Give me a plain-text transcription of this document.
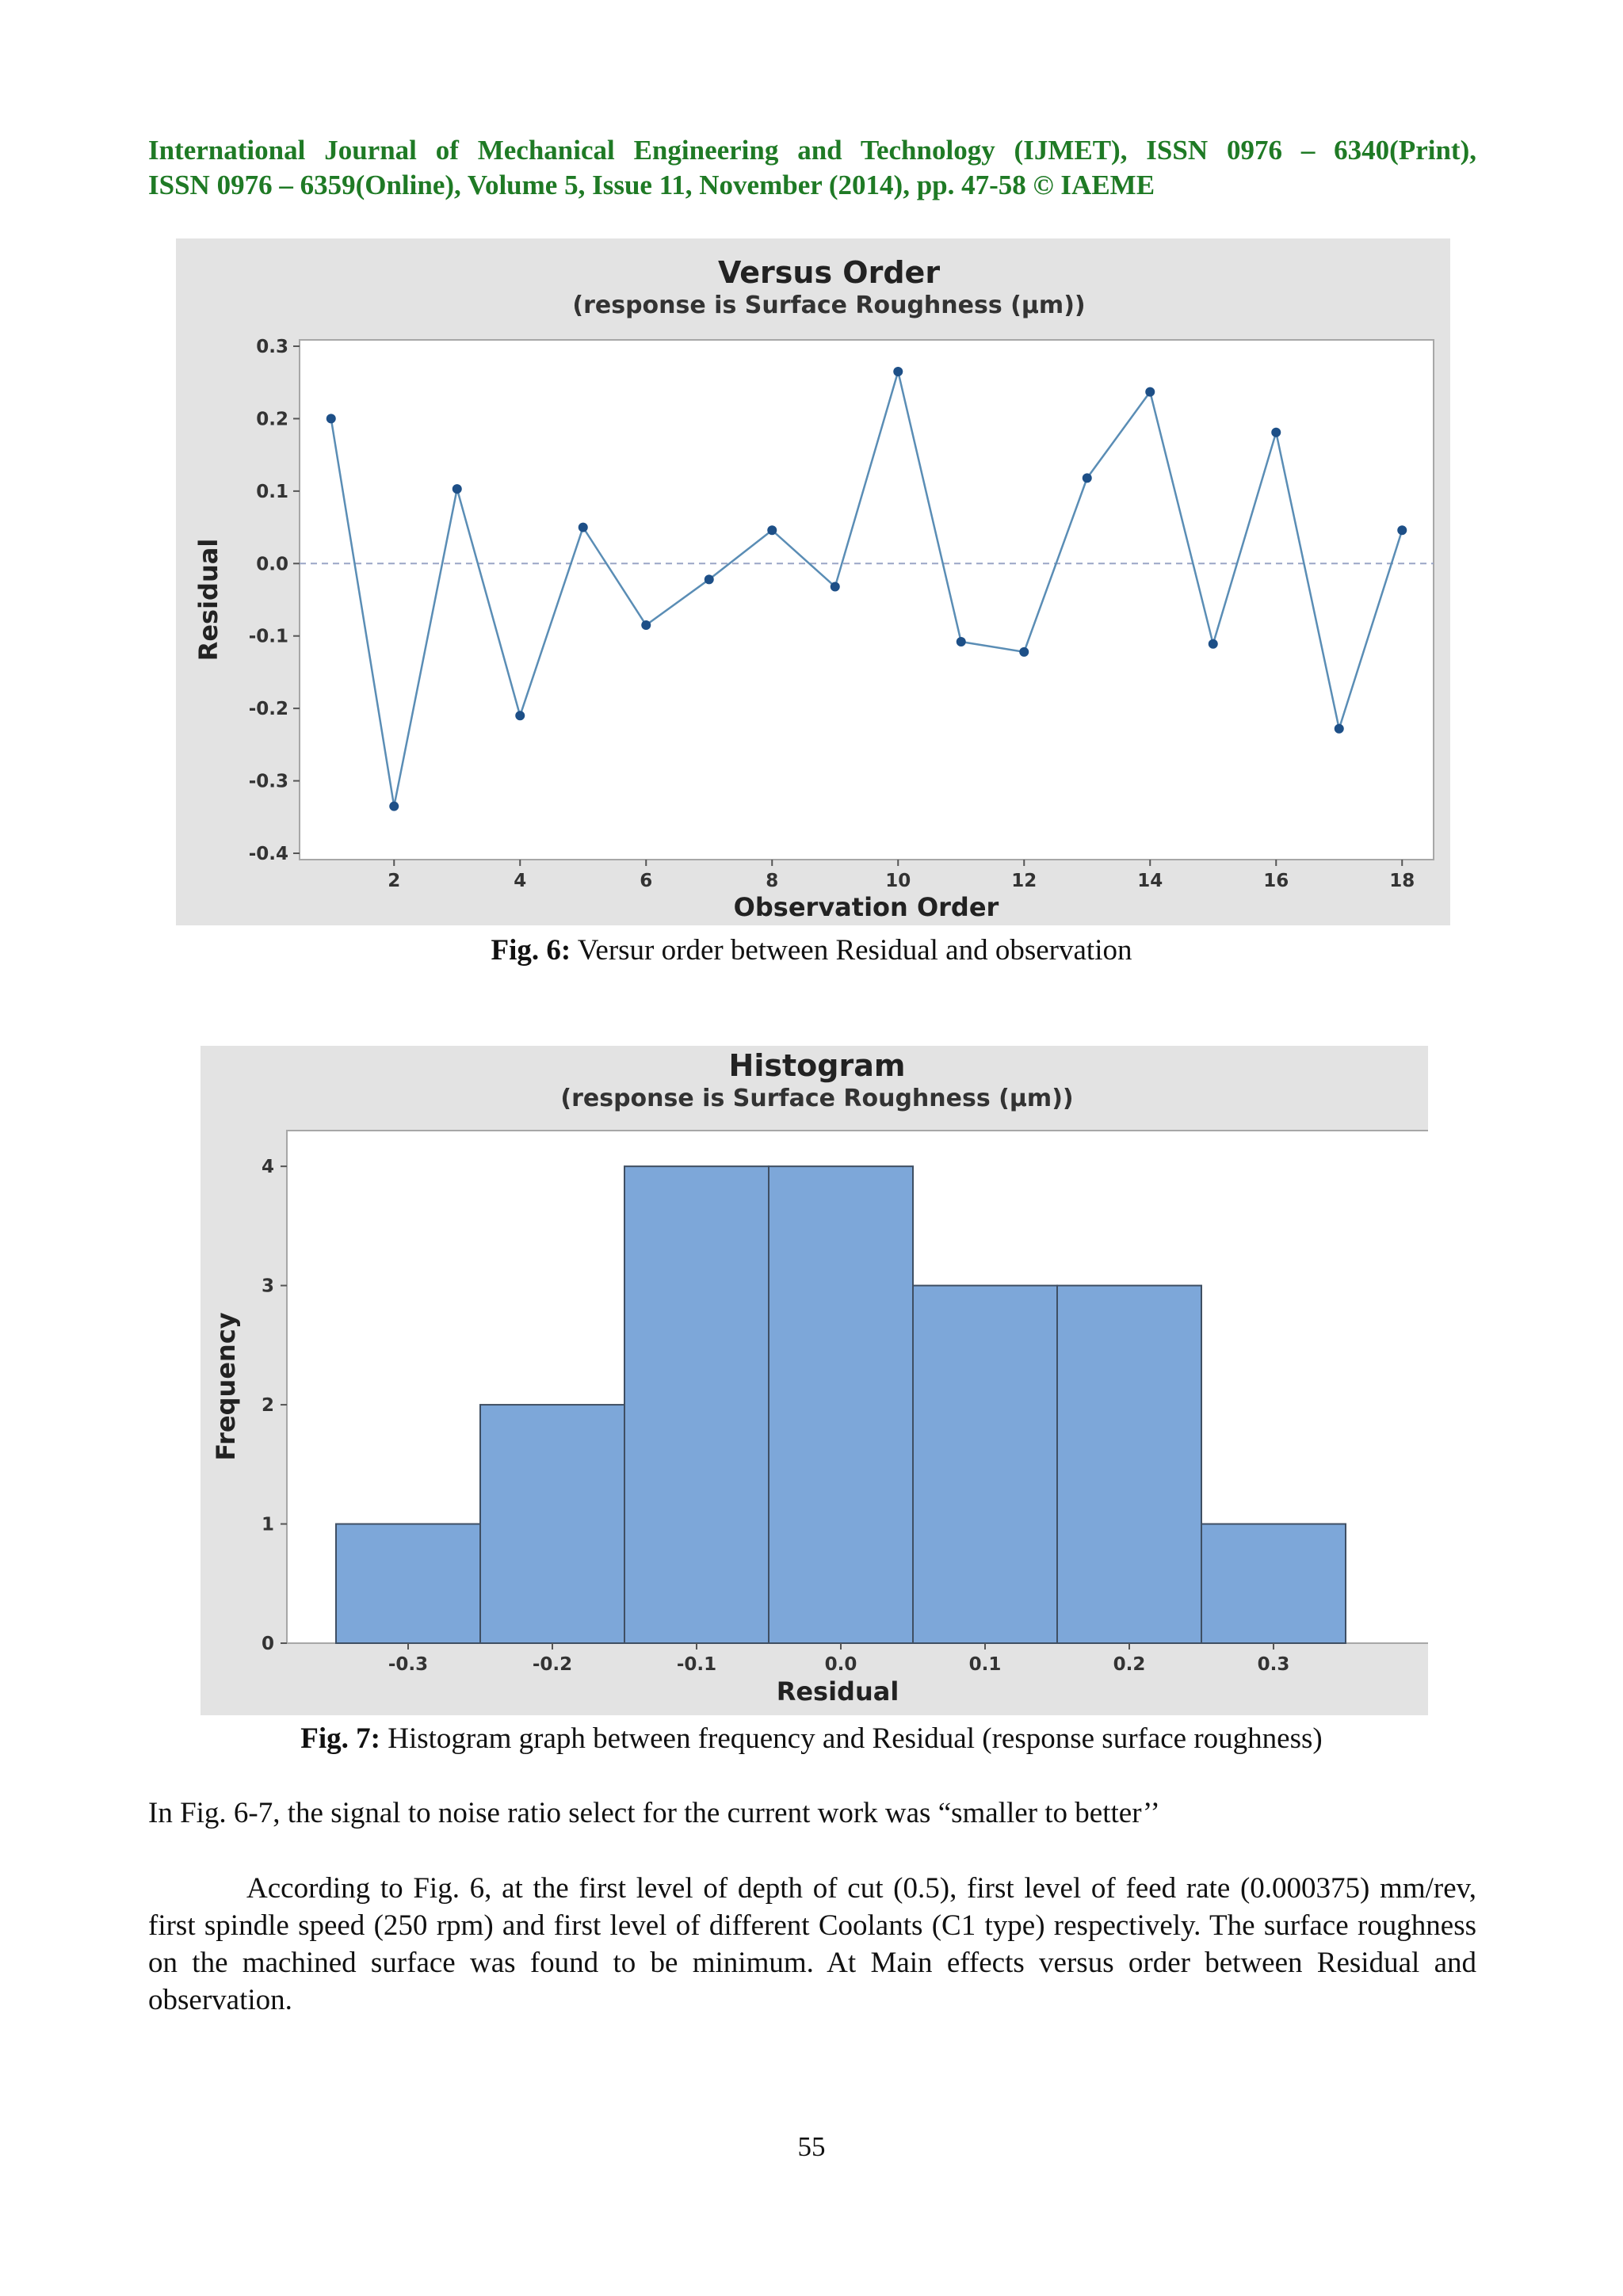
International Journal of Mechanical Engineering and Technology (IJMET), ISSN 0976 – 6340(Print),
ISSN 0976 – 6359(Online), Volume 5, Issue 11, November (2014), pp. 47-58 © IAEME
Versus Order
(response is Surface Roughness (µm))
Observation Order
Residual
0.3
0.2
0.1
0.0
-0.1
-0.2
-0.3
-0.4
2	4	6	8	10	12	14	16	18
Fig. 6: Versur order between Residual and observation
Histogram
(response is Surface Roughness (µm))
Residual
Frequency
0
1
2
3
4
-0.3	-0.2	-0.1	0.0	0.1	0.2	0.3
Fig. 7: Histogram graph between frequency and Residual (response surface roughness)

In Fig. 6-7, the signal to noise ratio select for the current work was “smaller to better’’

According to Fig. 6, at the first level of depth of cut (0.5), first level of feed rate (0.000375) mm/rev, first spindle speed (250 rpm) and first level of different Coolants (C1 type) respectively. The surface roughness on the machined surface was found to be minimum. At Main effects versus order between Residual and observation.

55
